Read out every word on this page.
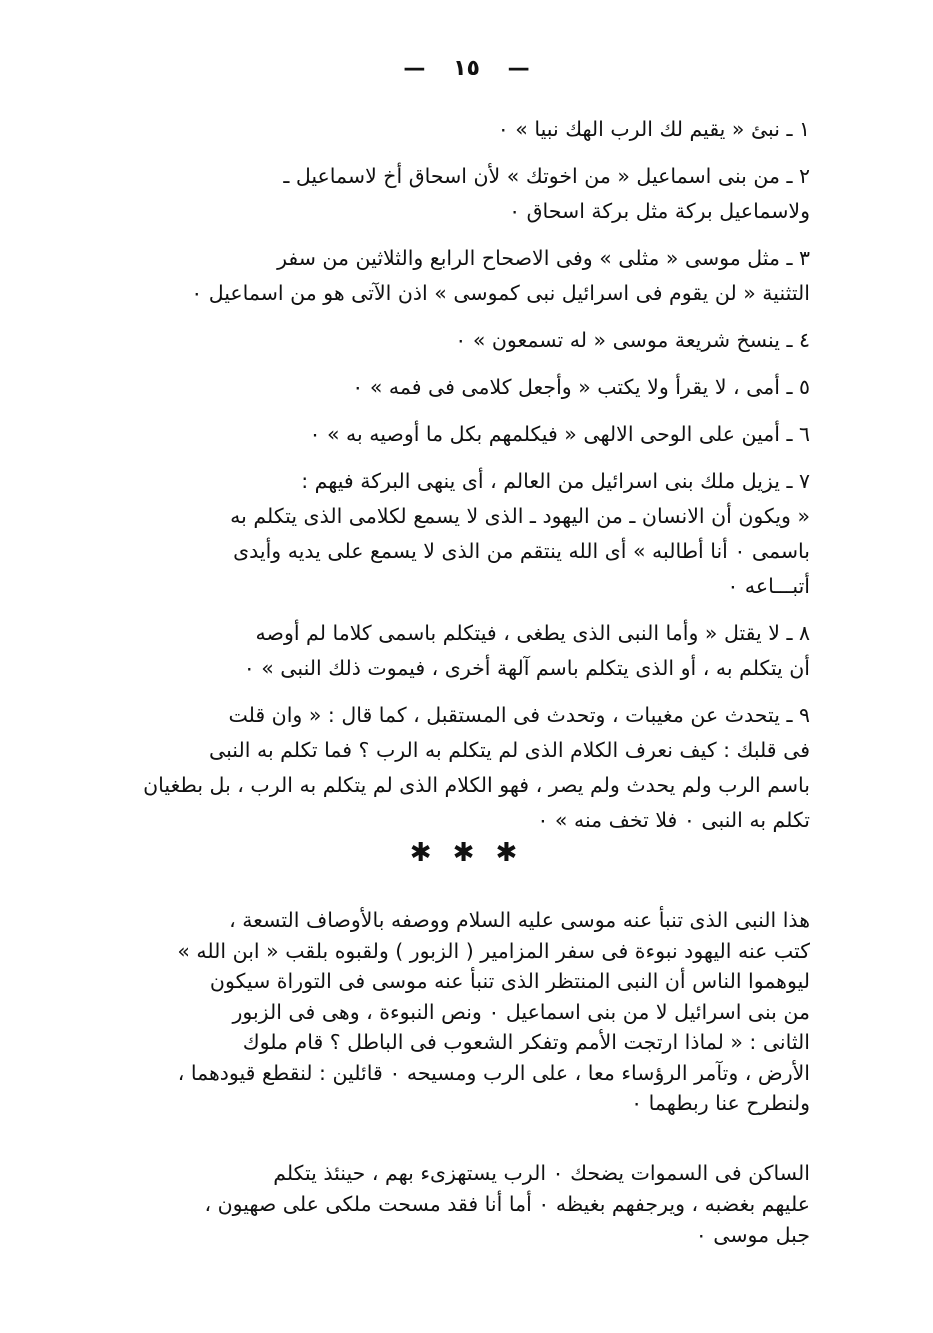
— ١٥ —
١ ـ نبئ « يقيم لك الرب الهك نبيا » ٠
٢ ـ من بنى اسماعيل « من اخوتك » لأن اسحاق أخ لاسماعيل ـ
ولاسماعيل بركة مثل بركة اسحاق ٠
٣ ـ مثل موسى « مثلى » وفى الاصحاح الرابع والثلاثين من سفر
التثنية « لن يقوم فى اسرائيل نبى كموسى » اذن الآتى هو من اسماعيل ٠
٤ ـ ينسخ شريعة موسى « له تسمعون » ٠
٥ ـ أمى ، لا يقرأ ولا يكتب « وأجعل كلامى فى فمه » ٠
٦ ـ أمين على الوحى الالهى « فيكلمهم بكل ما أوصيه به » ٠
٧ ـ يزيل ملك بنى اسرائيل من العالم ، أى ينهى البركة فيهم :
« ويكون أن الانسان ـ من اليهود ـ الذى لا يسمع لكلامى الذى يتكلم به
باسمى ٠ أنا أطالبه » أى الله ينتقم من الذى لا يسمع على يديه وأيدى
أتبـــاعه ٠
٨ ـ لا يقتل « وأما النبى الذى يطغى ، فيتكلم باسمى كلاما لم أوصه
أن يتكلم به ، أو الذى يتكلم باسم آلهة أخرى ، فيموت ذلك النبى » ٠
٩ ـ يتحدث عن مغيبات ، وتحدث فى المستقبل ، كما قال : « وان قلت
فى قلبك : كيف نعرف الكلام الذى لم يتكلم به الرب ؟ فما تكلم به النبى
باسم الرب ولم يحدث ولم يصر ، فهو الكلام الذى لم يتكلم به الرب ، بل بطغيان
تكلم به النبى ٠ فلا تخف منه » ٠
✱ ✱ ✱
هذا النبى الذى تنبأ عنه موسى عليه السلام ووصفه بالأوصاف التسعة ،
كتب عنه اليهود نبوءة فى سفر المزامير ( الزبور ) ولقبوه بلقب « ابن الله »
ليوهموا الناس أن النبى المنتظر الذى تنبأ عنه موسى فى التوراة سيكون
من بنى اسرائيل لا من بنى اسماعيل ٠ ونص النبوءة ، وهى فى الزبور
الثانى : « لماذا ارتجت الأمم وتفكر الشعوب فى الباطل ؟ قام ملوك
الأرض ، وتآمر الرؤساء معا ، على الرب ومسيحه ٠ قائلين : لنقطع قيودهما ،
ولنطرح عنا ربطهما ٠
الساكن فى السموات يضحك ٠ الرب يستهزىء بهم ، حينئذ يتكلم
عليهم بغضبه ، ويرجفهم بغيظه ٠ أما أنا فقد مسحت ملكى على صهيون ،
جبل موسى ٠
